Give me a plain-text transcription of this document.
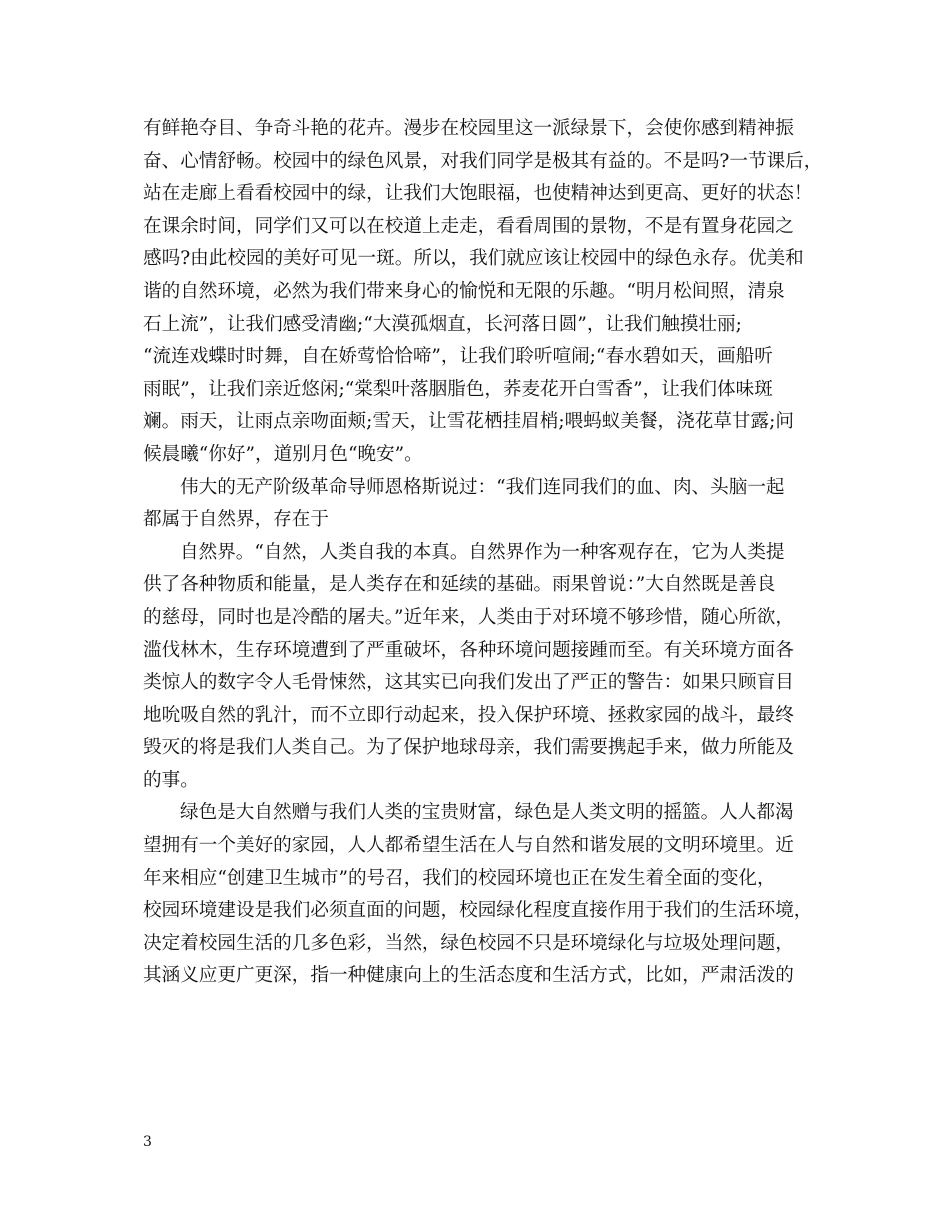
有鲜艳夺目、争奇斗艳的花卉。漫步在校园里这一派绿景下，会使你感到精神振
奋、心情舒畅。校园中的绿色风景，对我们同学是极其有益的。不是吗?一节课后，
站在走廊上看看校园中的绿，让我们大饱眼福，也使精神达到更高、更好的状态！
在课余时间，同学们又可以在校道上走走，看看周围的景物，不是有置身花园之
感吗?由此校园的美好可见一斑。所以，我们就应该让校园中的绿色永存。优美和
谐的自然环境，必然为我们带来身心的愉悦和无限的乐趣。“明月松间照，清泉
石上流”，让我们感受清幽;“大漠孤烟直，长河落日圆”，让我们触摸壮丽;
“流连戏蝶时时舞，自在娇莺恰恰啼”，让我们聆听喧闹;“春水碧如天，画船听
雨眠”，让我们亲近悠闲;“棠梨叶落胭脂色，荞麦花开白雪香”，让我们体味斑
斓。雨天，让雨点亲吻面颊;雪天，让雪花栖挂眉梢;喂蚂蚁美餐，浇花草甘露;问
候晨曦“你好”，道别月色“晚安”。
伟大的无产阶级革命导师恩格斯说过：“我们连同我们的血、肉、头脑一起
都属于自然界，存在于
自然界。“自然，人类自我的本真。自然界作为一种客观存在，它为人类提
供了各种物质和能量，是人类存在和延续的基础。雨果曾说：”大自然既是善良
的慈母，同时也是冷酷的屠夫。”近年来，人类由于对环境不够珍惜，随心所欲，
滥伐林木，生存环境遭到了严重破坏，各种环境问题接踵而至。有关环境方面各
类惊人的数字令人毛骨悚然，这其实已向我们发出了严正的警告：如果只顾盲目
地吮吸自然的乳汁，而不立即行动起来，投入保护环境、拯救家园的战斗，最终
毁灭的将是我们人类自己。为了保护地球母亲，我们需要携起手来，做力所能及
的事。
绿色是大自然赠与我们人类的宝贵财富，绿色是人类文明的摇篮。人人都渴
望拥有一个美好的家园，人人都希望生活在人与自然和谐发展的文明环境里。近
年来相应“创建卫生城市”的号召，我们的校园环境也正在发生着全面的变化，
校园环境建设是我们必须直面的问题，校园绿化程度直接作用于我们的生活环境，
决定着校园生活的几多色彩，当然，绿色校园不只是环境绿化与垃圾处理问题，
其涵义应更广更深，指一种健康向上的生活态度和生活方式，比如，严肃活泼的
3
